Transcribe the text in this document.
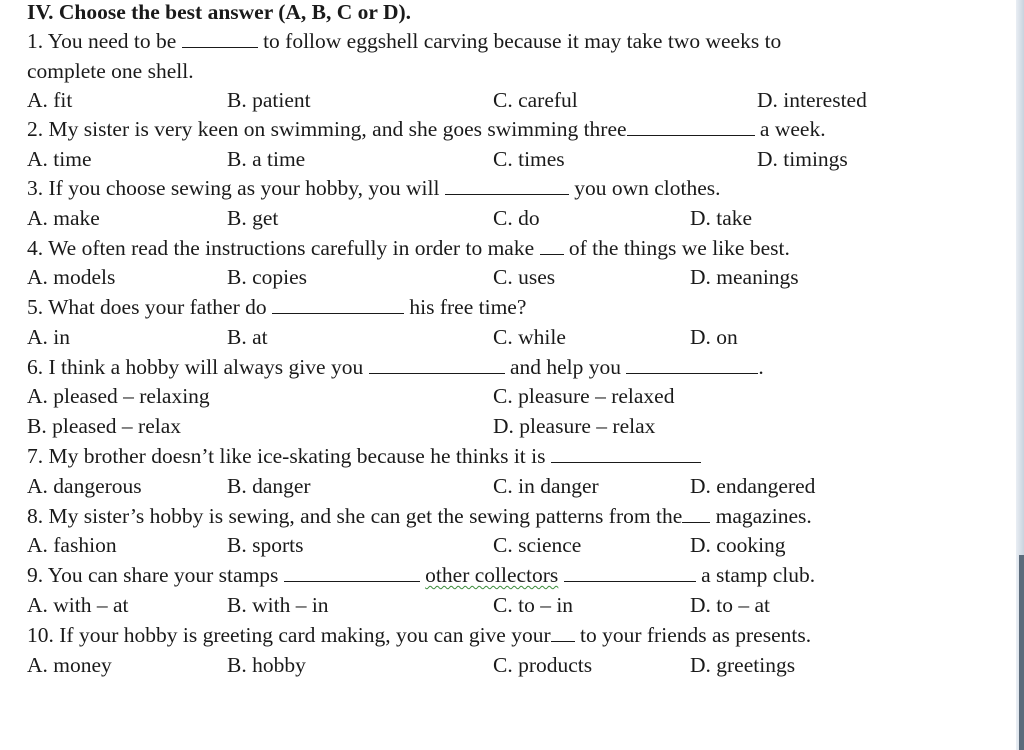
IV. Choose the best answer (A, B, C or D).
1. You need to be	to follow eggshell carving because it may take two weeks to
complete one shell.
A. fit	B. patient	C. careful	D. interested
2. My sister is very keen on swimming, and she goes swimming three	a week.
A. time	B. a time	C. times	D. timings
3. If you choose sewing as your hobby, you will	you own clothes.
A. make	B. get	C. do	D. take
4. We often read the instructions carefully in order to make of the things we like best.
A. models	B. copies	C. uses	D. meanings
5. What does your father do	his free time?
A. in	B. at	C. while	D. on
6. I think a hobby will always give you	and help you	.
A. pleased – relaxing	C. pleasure – relaxed
B. pleased – relax	D. pleasure – relax
7. My brother doesn’t like ice-skating because he thinks it is
A. dangerous	B. danger	C. in danger	D. endangered
8. My sister’s hobby is sewing, and she can get the sewing patterns from the magazines.
A. fashion	B. sports	C. science	D. cooking
9. You can share your stamps	other collectors	a stamp club.
A. with – at	B. with – in	C. to – in	D. to – at
10. If your hobby is greeting card making, you can give your to your friends as presents.
A. money	B. hobby	C. products	D. greetings
